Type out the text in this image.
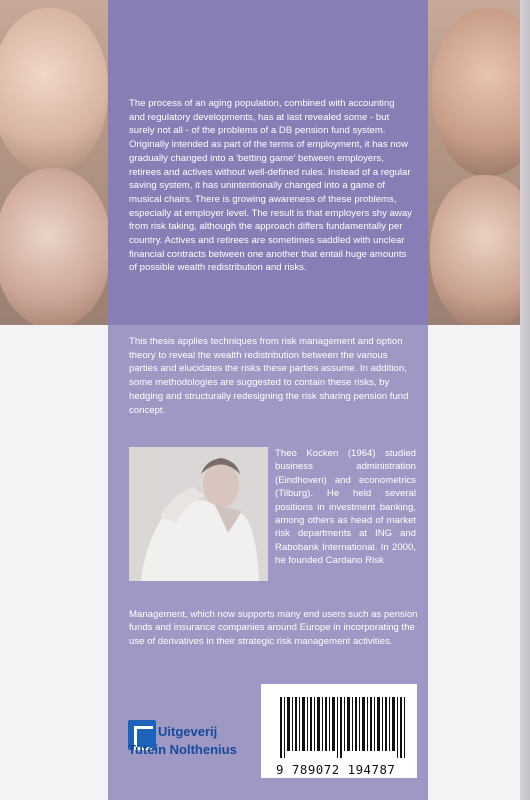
The process of an aging population, combined with accounting and regulatory developments, has at last revealed some - but surely not all - of the problems of a DB pension fund system. Originally intended as part of the terms of employment, it has now gradually changed into a 'betting game' between employers, retirees and actives without well-defined rules. Instead of a regular saving system, it has unintentionally changed into a game of musical chairs. There is growing awareness of these problems, especially at employer level. The result is that employers shy away from risk taking, although the approach differs fundamentally per country. Actives and retirees are sometimes saddled with unclear financial contracts between one another that entail huge amounts of possible wealth redistribution and risks.
This thesis applies techniques from risk management and option theory to reveal the wealth redistribution between the various parties and elucidates the risks these parties assume. In addition, some methodologies are suggested to contain these risks, by hedging and structurally redesigning the risk sharing pension fund concept.
Theo Kocken (1964) studied business administration (Eindhoven) and econometrics (Tilburg). He held several positions in investment banking, among others as head of market risk departments at ING and Rabobank International. In 2000, he founded Cardano Risk
Management, which now supports many end users such as pension funds and insurance companies around Europe in incorporating the use of derivatives in their strategic risk management activities.
Uitgeverij
Tutein Nolthenius
9 789072 194787
